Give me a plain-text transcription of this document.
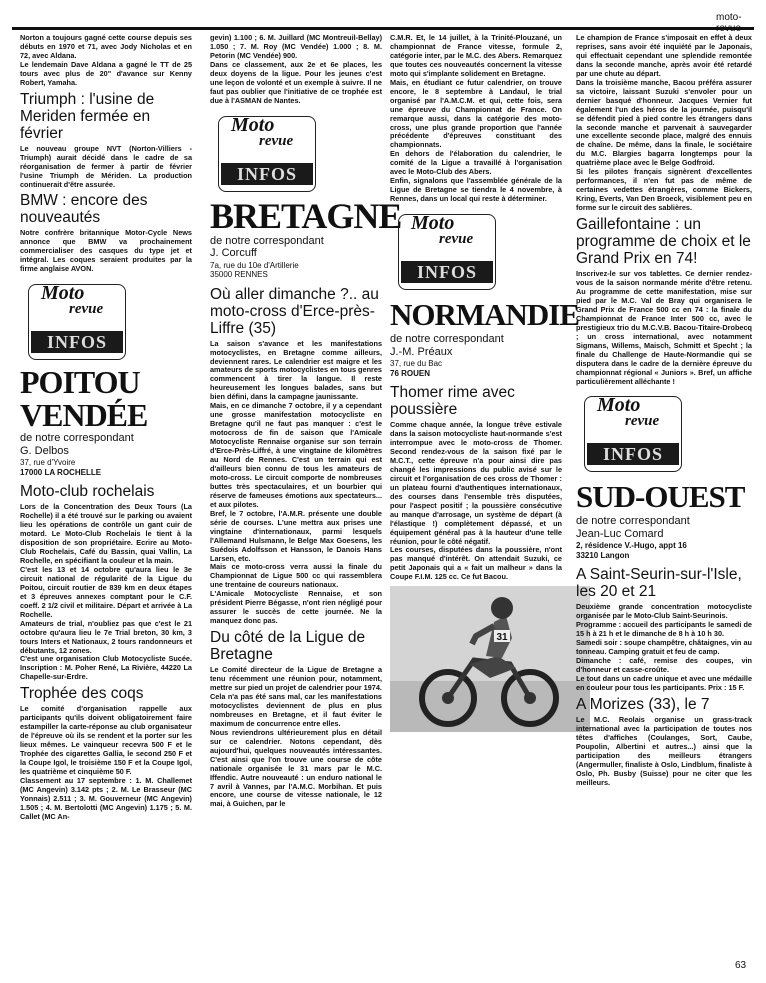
moto-

Norton a toujours gagné cette course depuis ses débuts en 1970 et 71, avec Jody Nicholas et en 72, avec Aldana.
Le lendemain Dave Aldana a gagné le TT de 25 tours avec plus de 20" d'avance sur Kenny Robert, Yamaha.

Triumph : l'usine de Meriden fermée en février

Le nouveau groupe NVT (Norton-Villiers - Triumph) aurait décidé dans le cadre de sa réorganisation de fermer à partir de février l'usine Triumph de Mériden. La production continuerait d'être assurée.

BMW : encore des nouveautés

Notre confrère britannique Motor-Cycle News annonce que BMW va prochainement commercialiser des casques du type jet et intégral. Les coques seraient produites par la firme anglaise AVON.

Moto
revue
INFOS
POITOU VENDÉE
de notre correspondant
G. Delbos
37, rue d'Yvoire
17000 LA ROCHELLE
Moto-club rochelais

Lors de la Concentration des Deux Tours (La Rochelle) il a été trouvé sur le parking ou avaient lieu les opérations de contrôle un gant cuir de motard. Le Moto-Club Rochelais le tient à la disposition de son propriétaire. Ecrire au Moto-Club Rochelais, Café du Bassin, quai Vallin, La Rochelle, en spécifiant la couleur et la main.
C'est les 13 et 14 octobre qu'aura lieu le 3e circuit national de régularité de la Ligue du Poitou, circuit routier de 839 km en deux étapes et 3 épreuves annexes comptant pour le C.F. coeff. 2 1/2 civil et militaire. Départ et arrivée à La Rochelle.
Amateurs de trial, n'oubliez pas que c'est le 21 octobre qu'aura lieu le 7e Trial breton, 30 km, 3 tours Inters et Nationaux, 2 tours randonneurs et débutants, 12 zones.
C'est une organisation Club Motocycliste Sucée. Inscription : M. Poher René, La Rivière, 44220 La Chapelle-sur-Erdre.

Trophée des coqs

Le comité d'organisation rappelle aux participants qu'ils doivent obligatoirement faire estampiller la carte-réponse au club organisateur de l'épreuve où ils se rendent et la porter sur les lieux mêmes. Le vainqueur recevra 500 F et le Trophée des cigarettes Gallia, le second 250 F et la Coupe Igol, le troisième 150 F et la Coupe Igol, les quatrième et cinquième 50 F.
Classement au 17 septembre : 1. M. Challemet (MC Angevin) 3.142 pts ; 2. M. Le Brasseur (MC Yonnais) 2.511 ; 3. M. Gouverneur (MC Angevin) 1.505 ; 4. M. Bertolotti (MC Angevin) 1.175 ; 5. M. Callet (MC An-

gevin) 1.100 ; 6. M. Juillard (MC Montreuil-Bellay) 1.050 ; 7. M. Roy (MC Vendée) 1.000 ; 8. M. Petorin (MC Vendée) 900.
Dans ce classement, aux 2e et 6e places, les deux doyens de la ligue. Pour les jeunes c'est une leçon de volonté et un exemple à suivre. Il ne faut pas oublier que l'initiative de ce trophée est due à l'ASMAN de Nantes.

Moto
revue
INFOS
BRETAGNE
de notre correspondant
J. Corcuff
7a, rue du 10e d'Artillerie
35000 RENNES
Où aller dimanche ?.. au moto-cross d'Erce-près-Liffre (35)

La saison s'avance et les manifestations motocyclistes, en Bretagne comme ailleurs, deviennent rares. Le calendrier est maigre et les amateurs de sports motocyclistes en tous genres commencent à tirer la langue. Il reste heureusement les longues balades, sans but bien défini, dans la campagne jaunissante.
Mais, en ce dimanche 7 octobre, il y a cependant une grosse manifestation motocycliste en Bretagne qu'il ne faut pas manquer : c'est le motocross de fin de saison que l'Amicale Motocycliste Rennaise organise sur son terrain d'Erce-Près-Liffré, à une vingtaine de kilomètres au Nord de Rennes. C'est un terrain qui est d'ailleurs bien connu de tous les amateurs de moto-cross. Le circuit comporte de nombreuses buttes très spectaculaires, et un bourbier qui réserve de fameuses émotions aux spectateurs... et aux pilotes.
Bref, le 7 octobre, l'A.M.R. présente une double série de courses. L'une mettra aux prises une vingtaine d'internationaux, parmi lesquels l'Allemand Hulsmann, le Belge Max Goesens, les Suédois Adolfsson et Hansson, le Danois Hans Larsen, etc.
Mais ce moto-cross verra aussi la finale du Championnat de Ligue 500 cc qui rassemblera une trentaine de coureurs nationaux.
L'Amicale Motocycliste Rennaise, et son président Pierre Bégasse, n'ont rien négligé pour assurer le succès de cette journée. Ne la manquez donc pas.

Du côté de la Ligue de Bretagne

Le Comité directeur de la Ligue de Bretagne a tenu récemment une réunion pour, notamment, mettre sur pied un projet de calendrier pour 1974.
Cela n'a pas été sans mal, car les manifestations motocyclistes deviennent de plus en plus nombreuses en Bretagne, et il faut éviter le maximum de concurrence entre elles.
Nous reviendrons ultérieurement plus en détail sur ce calendrier. Notons cependant, dès aujourd'hui, quelques nouveautés intéressantes. C'est ainsi que l'on trouve une course de côte nationale organisée le 31 mars par le M.C. Iffendic. Autre nouveauté : un enduro national le 7 avril à Vannes, par l'A.M.C. Morbihan. Et puis encore, une course de vitesse nationale, le 12 mai, à Guichen, par le

C.M.R. Et, le 14 juillet, à la Trinité-Plouzané, un championnat de France vitesse, formule 2, catégorie inter, par le M.C. des Abers. Remarquez que toutes ces nouveautés concernent la vitesse moto qui s'implante solidement en Bretagne.
Mais, en étudiant ce futur calendrier, on trouve encore, le 8 septembre à Landaul, le trial organisé par l'A.M.C.M. et qui, cette fois, sera une épreuve du Championnat de France. On remarque aussi, dans la catégorie des moto-cross, une plus grande proportion que l'année précédente d'épreuves constituant des championnats.
En dehors de l'élaboration du calendrier, le comité de la Ligue a travaillé à l'organisation avec le Moto-Club des Abers.
Enfin, signalons que l'assemblée générale de la Ligue de Bretagne se tiendra le 4 novembre, à Rennes, dans un local qui reste à déterminer.

Moto
revue
INFOS
NORMANDIE
de notre correspondant
J.-M. Préaux
37, rue du Bac
76 ROUEN
Thomer rime avec poussière

Comme chaque année, la longue trêve estivale dans la saison motocycliste haut-normande s'est interrompue avec le moto-cross de Thomer. Second rendez-vous de la saison fixé par le M.C.T., cette épreuve n'a pour ainsi dire pas changé les impressions du public avisé sur le circuit et l'organisation de ces cross de Thomer : un plateau fourni d'authentiques internationaux, des courses dans l'ensemble très disputées, pour l'aspect positif ; la poussière consécutive au manque d'arrosage, un système de départ (à l'élastique !) complètement dépassé, et un équipement général pas à la hauteur d'une telle réunion, pour le côté négatif.
Les courses, disputées dans la poussière, n'ont pas manqué d'intérêt. On attendait Suzuki, ce petit Japonais qui a « fait un malheur » dans la Coupe F.I.M. 125 cc. Ce fut Bacou.

31

Le champion de France s'imposait en effet à deux reprises, sans avoir été inquiété par le Japonais, qui effectuait cependant une splendide remontée dans la seconde manche, après avoir été retardé par une chute au départ.
Dans la troisième manche, Bacou préféra assurer sa victoire, laissant Suzuki s'envoler pour un dernier basqué d'honneur. Jacques Vernier fut également l'un des héros de la journée, puisqu'il se défendit pied à pied contre les étrangers dans la seconde manche et parvenait à sauvegarder une excellente seconde place, malgré des ennuis de chaîne. De même, dans la finale, le sociétaire du M.C. Blargies bagarra longtemps pour la quatrième place avec le Belge Godfroid.
Si les pilotes français signèrent d'excellentes performances, il n'en fut pas de même de certaines vedettes étrangères, comme Bickers, Kring, Everts, Van Den Broeck, visiblement peu en forme sur le circuit des sablières.

Gaillefontaine : un programme de choix et le Grand Prix en 74!

Inscrivez-le sur vos tablettes. Ce dernier rendez-vous de la saison normande mérite d'être retenu. Au programme de cette manifestation, mise sur pied par le M.C. Val de Bray qui organisera le Grand Prix de France 500 cc en 74 : la finale du Championnat de France Inter 500 cc, avec le prestigieux trio du M.C.V.B. Bacou-Titaire-Drobecq ; un cross international, avec notamment Sigmans, Willems, Maisch, Schmitt et Specht ; la finale du Challenge de Haute-Normandie qui se disputera dans le cadre de la dernière épreuve du championnat régional « Juniors ». Bref, un affiche particulièrement alléchante !

Moto
revue
INFOS
SUD-OUEST
de notre correspondant
Jean-Luc Comard
2, résidence V.-Hugo, appt 16
33210 Langon
A Saint-Seurin-sur-l'Isle, les 20 et 21

Deuxième grande concentration motocycliste organisée par le Moto-Club Saint-Seurinois.
Programme : accueil des participants le samedi de 15 h à 21 h et le dimanche de 8 h à 10 h 30.
Samedi soir : soupe champêtre, châtaignes, vin au tonneau. Camping gratuit et feu de camp.
Dimanche : café, remise des coupes, vin d'honneur et casse-croûte.
Le tout dans un cadre unique et avec une médaille en couleur pour tous les participants. Prix : 15 F.

A Morizes (33), le 7

Le M.C. Reolais organise un grass-track international avec la participation de toutes nos têtes d'affiches (Coulanges, Sort, Caube, Poupolin, Albertini et autres...) ainsi que la participation des meilleurs étrangers (Angermuller, finaliste à Oslo, Lindblum, finaliste à Oslo, Ph. Busby (Suisse) pour ne citer que les meilleurs.

63
